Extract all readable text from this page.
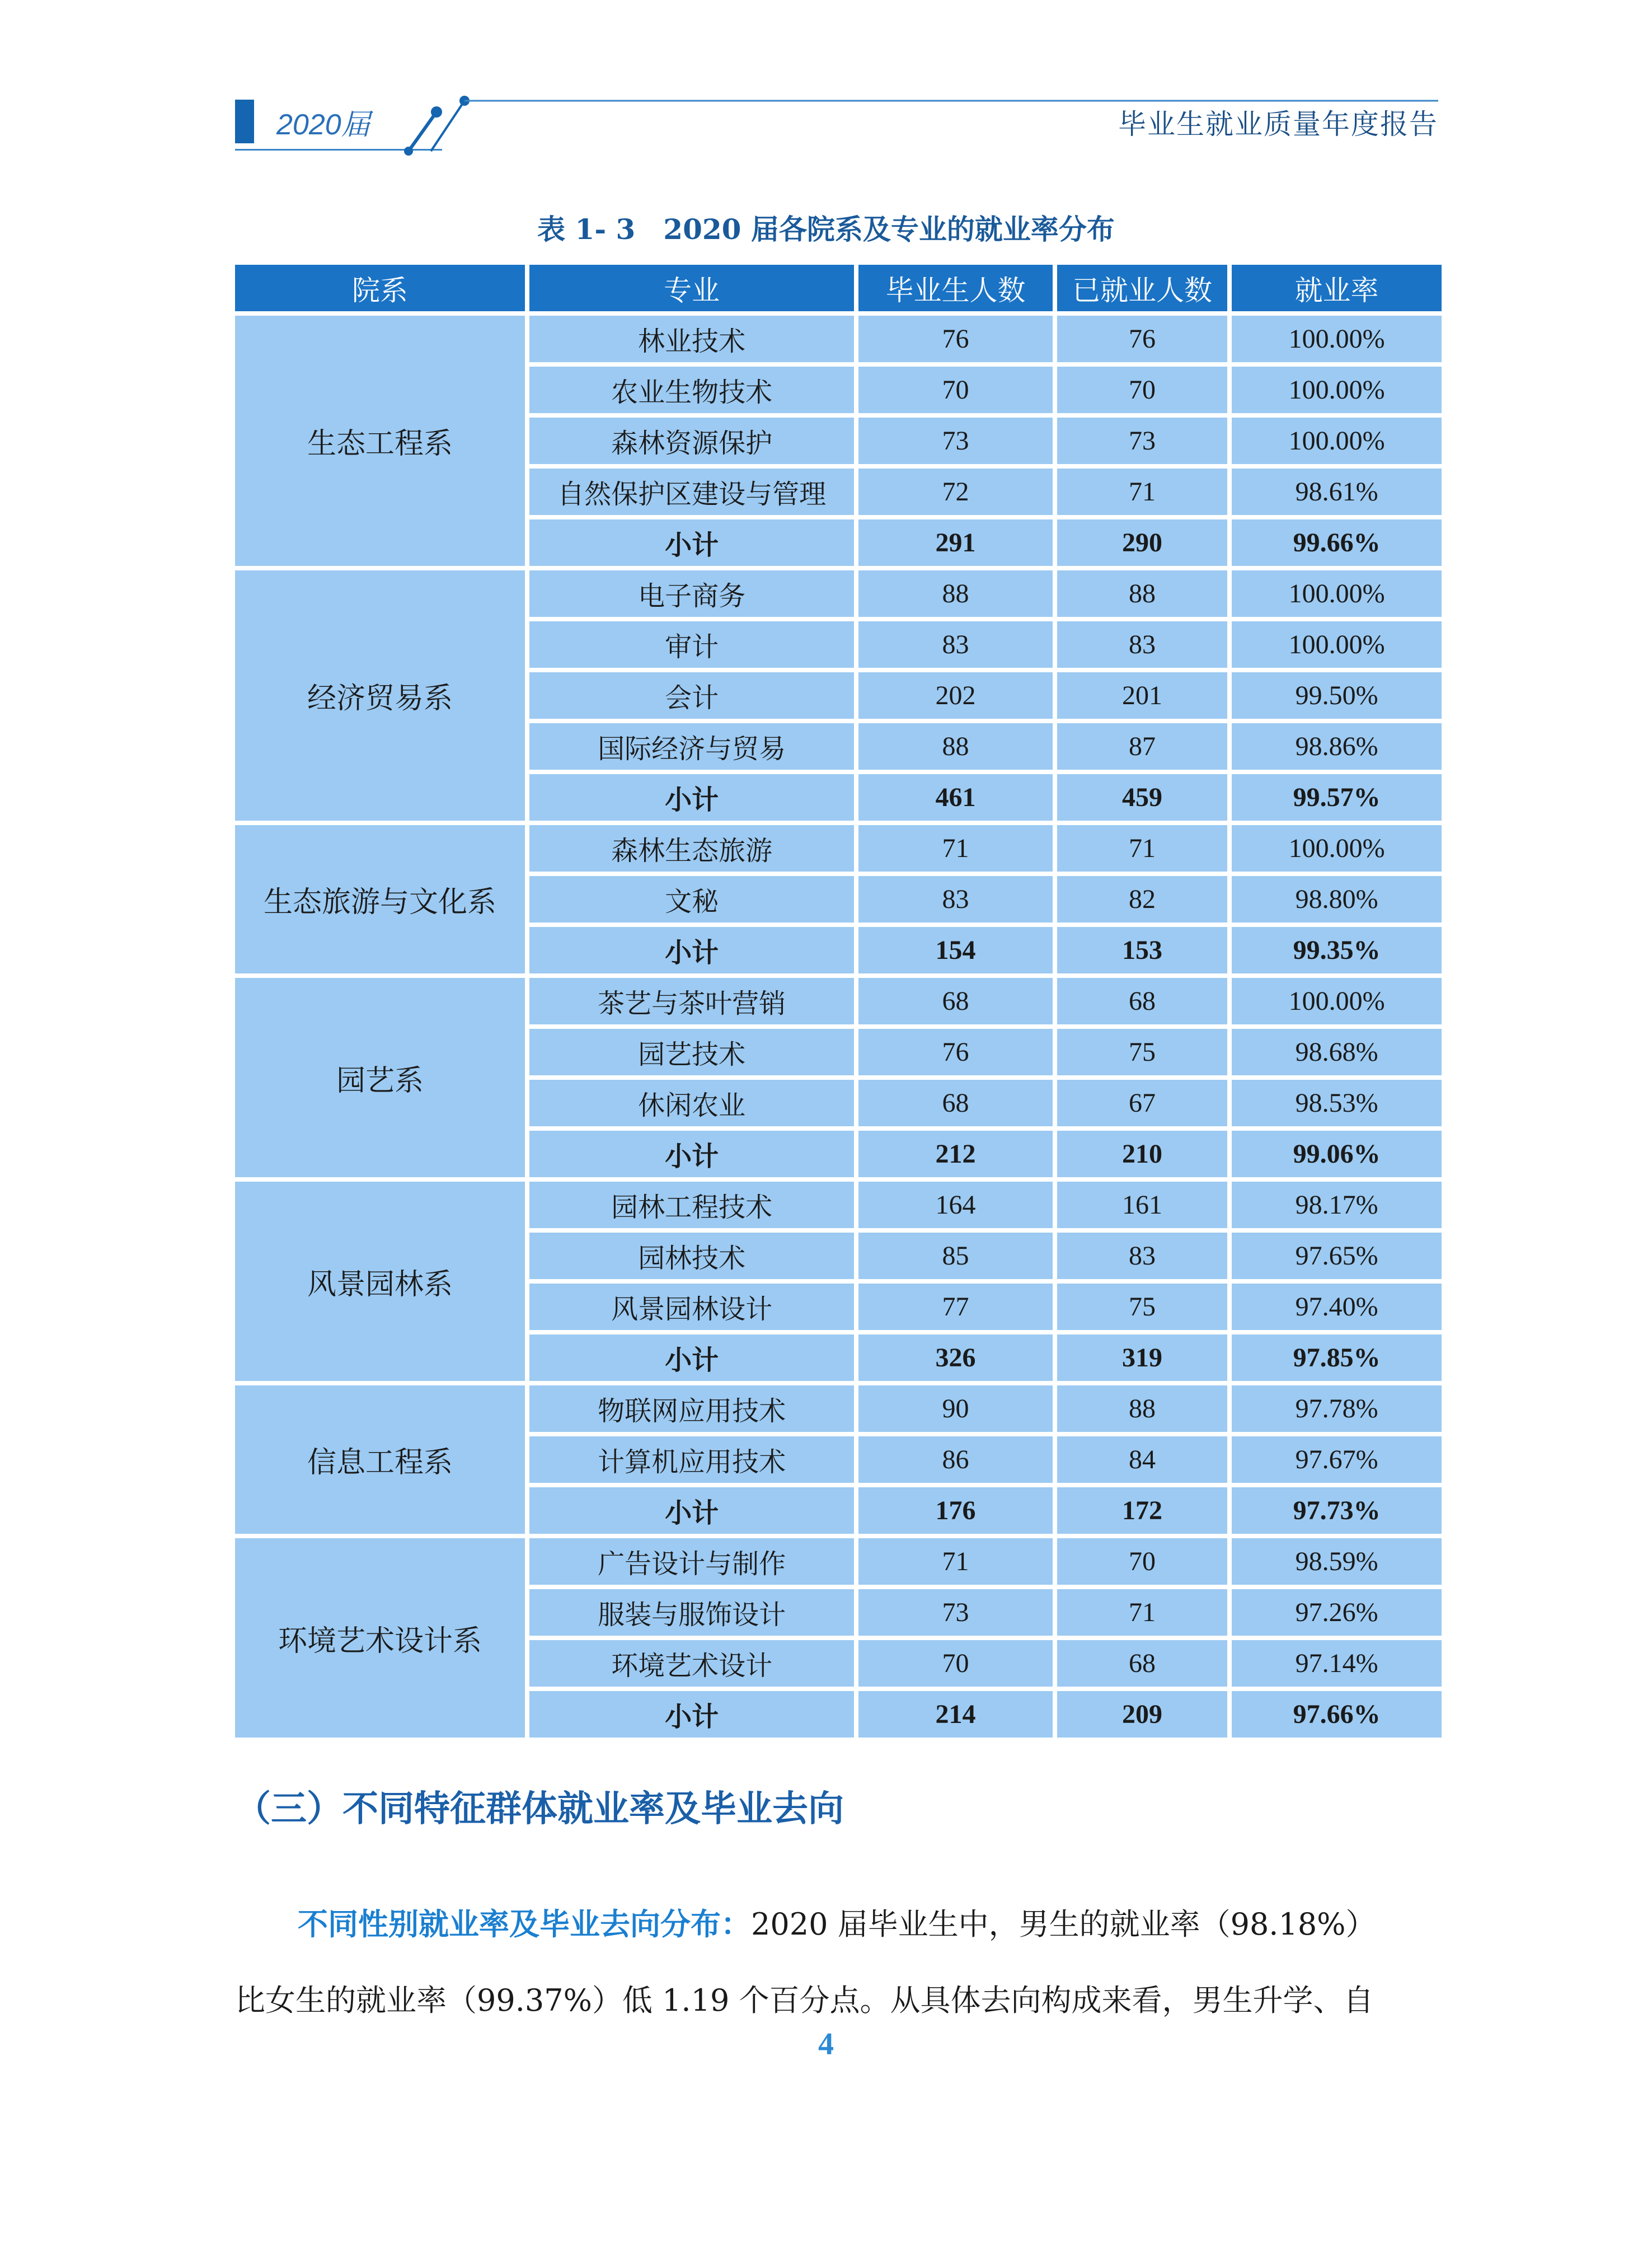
2020届	毕业生就业质量年度报告
表 1- 3　2020 届各院系及专业的就业率分布
院系	专业	毕业生人数	已就业人数	就业率
生态工程系	林业技术	76	76	100.00%
	农业生物技术	70	70	100.00%
	森林资源保护	73	73	100.00%
	自然保护区建设与管理	72	71	98.61%
	小计	291	290	99.66%
经济贸易系	电子商务	88	88	100.00%
	审计	83	83	100.00%
	会计	202	201	99.50%
	国际经济与贸易	88	87	98.86%
	小计	461	459	99.57%
生态旅游与文化系	森林生态旅游	71	71	100.00%
	文秘	83	82	98.80%
	小计	154	153	99.35%
园艺系	茶艺与茶叶营销	68	68	100.00%
	园艺技术	76	75	98.68%
	休闲农业	68	67	98.53%
	小计	212	210	99.06%
风景园林系	园林工程技术	164	161	98.17%
	园林技术	85	83	97.65%
	风景园林设计	77	75	97.40%
	小计	326	319	97.85%
信息工程系	物联网应用技术	90	88	97.78%
	计算机应用技术	86	84	97.67%
	小计	176	172	97.73%
环境艺术设计系	广告设计与制作	71	70	98.59%
	服装与服饰设计	73	71	97.26%
	环境艺术设计	70	68	97.14%
	小计	214	209	97.66%
（三）不同特征群体就业率及毕业去向
不同性别就业率及毕业去向分布：2020 届毕业生中，男生的就业率（98.18%）
比女生的就业率（99.37%）低 1.19 个百分点。从具体去向构成来看，男生升学、自
4
